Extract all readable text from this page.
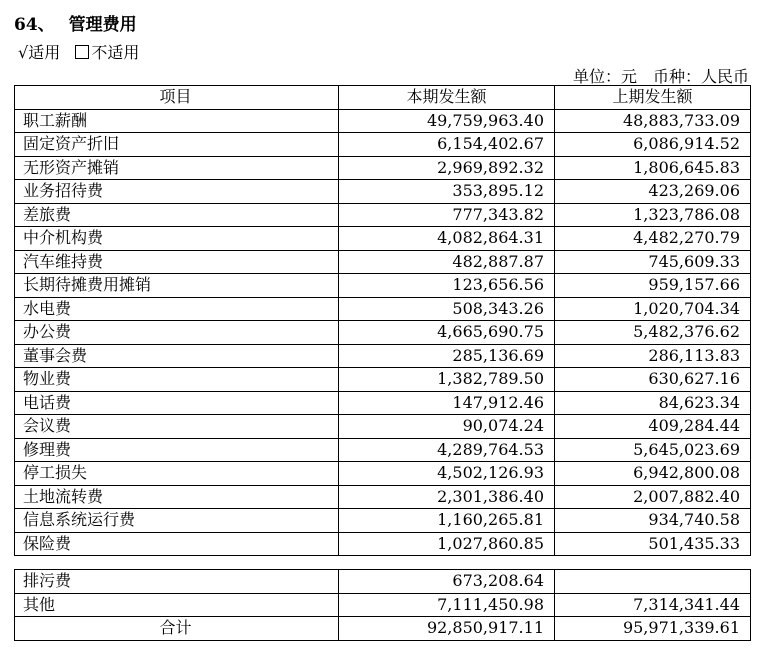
64、 管理费用
√适用 不适用
单位：元　币种：人民币
项目	本期发生额	上期发生额
职工薪酬	49,759,963.40	48,883,733.09
固定资产折旧	6,154,402.67	6,086,914.52
无形资产摊销	2,969,892.32	1,806,645.83
业务招待费	353,895.12	423,269.06
差旅费	777,343.82	1,323,786.08
中介机构费	4,082,864.31	4,482,270.79
汽车维持费	482,887.87	745,609.33
长期待摊费用摊销	123,656.56	959,157.66
水电费	508,343.26	1,020,704.34
办公费	4,665,690.75	5,482,376.62
董事会费	285,136.69	286,113.83
物业费	1,382,789.50	630,627.16
电话费	147,912.46	84,623.34
会议费	90,074.24	409,284.44
修理费	4,289,764.53	5,645,023.69
停工损失	4,502,126.93	6,942,800.08
土地流转费	2,301,386.40	2,007,882.40
信息系统运行费	1,160,265.81	934,740.58
保险费	1,027,860.85	501,435.33
排污费	673,208.64	
其他	7,111,450.98	7,314,341.44
合计	92,850,917.11	95,971,339.61
